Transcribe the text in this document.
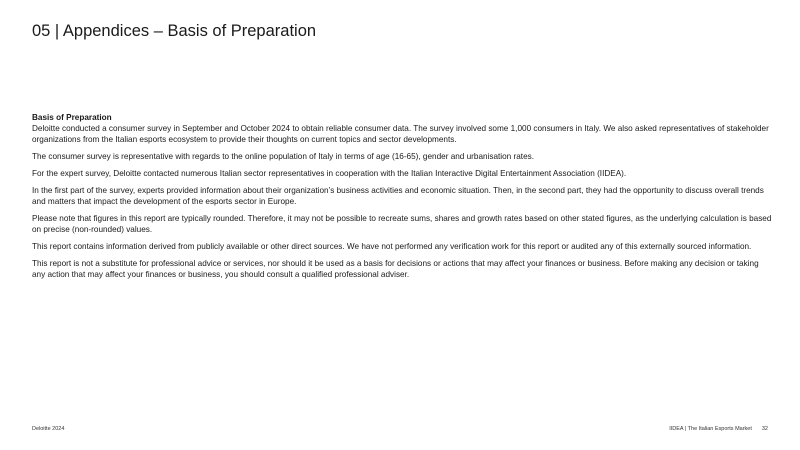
05 | Appendices – Basis of Preparation

Basis of Preparation
Deloitte conducted a consumer survey in September and October 2024 to obtain reliable consumer data. The survey involved some 1,000 consumers in Italy. We also asked representatives of stakeholder organizations from the Italian esports ecosystem to provide their thoughts on current topics and sector developments.

The consumer survey is representative with regards to the online population of Italy in terms of age (16-65), gender and urbanisation rates.

For the expert survey, Deloitte contacted numerous Italian sector representatives in cooperation with the Italian Interactive Digital Entertainment Association (IIDEA).

In the first part of the survey, experts provided information about their organization’s business activities and economic situation. Then, in the second part, they had the opportunity to discuss overall trends and matters that impact the development of the esports sector in Europe.

Please note that figures in this report are typically rounded. Therefore, it may not be possible to recreate sums, shares and growth rates based on other stated figures, as the underlying calculation is based on precise (non-rounded) values.

This report contains information derived from publicly available or other direct sources. We have not performed any verification work for this report or audited any of this externally sourced information.

This report is not a substitute for professional advice or services, nor should it be used as a basis for decisions or actions that may affect your finances or business. Before making any decision or taking any action that may affect your finances or business, you should consult a qualified professional adviser.

Deloitte 2024	IIDEA | The Italian Esports Market 32
